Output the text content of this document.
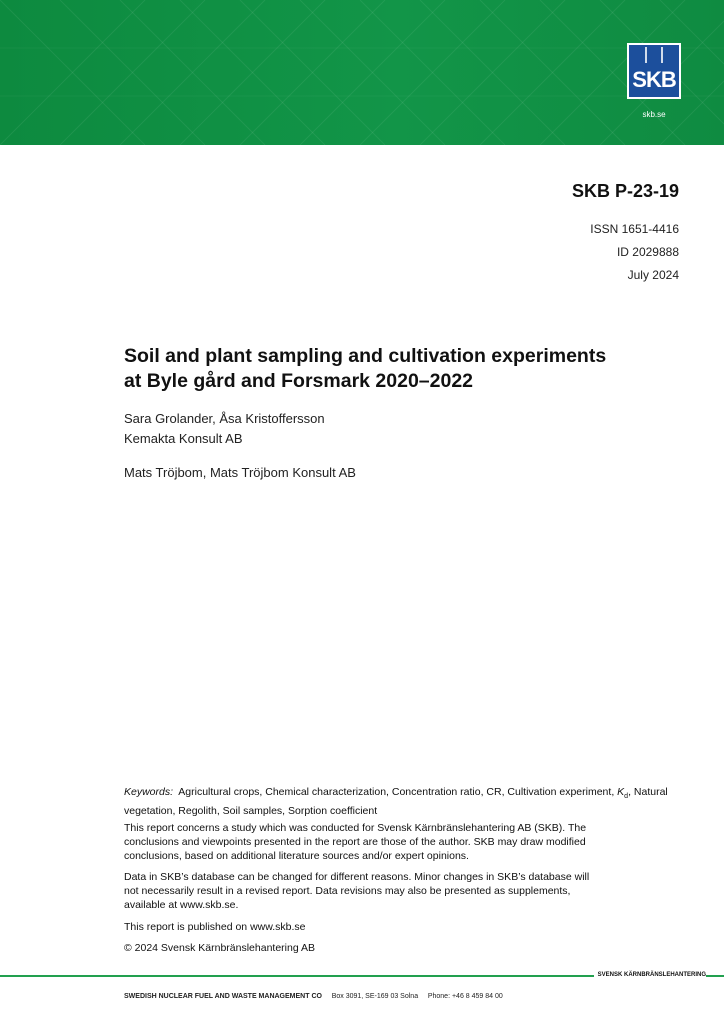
SKB
skb.se
SKB P-23-19
ISSN 1651-4416
ID 2029888
July 2024
Soil and plant sampling and cultivation experiments
at Byle gård and Forsmark 2020–2022
Sara Grolander, Åsa Kristoffersson
Kemakta Konsult AB
Mats Tröjbom, Mats Tröjbom Konsult AB

Keywords: Agricultural crops, Chemical characterization, Concentration ratio, CR, Cultivation experiment, $K_d$, Natural vegetation, Regolith, Soil samples, Sorption coefficient

This report concerns a study which was conducted for Svensk Kärnbränslehantering AB (SKB). The
conclusions and viewpoints presented in the report are those of the author. SKB may draw modified
conclusions, based on additional literature sources and/or expert opinions.

Data in SKB’s database can be changed for different reasons. Minor changes in SKB’s database will
not necessarily result in a revised report. Data revisions may also be presented as supplements,
available at www.skb.se.

This report is published on www.skb.se

© 2024 Svensk Kärnbränslehantering AB

SVENSK KÄRNBRÄNSLEHANTERING
SWEDISH NUCLEAR FUEL AND WASTE MANAGEMENT CO Box 3091, SE-169 03 Solna Phone: +46 8 459 84 00
